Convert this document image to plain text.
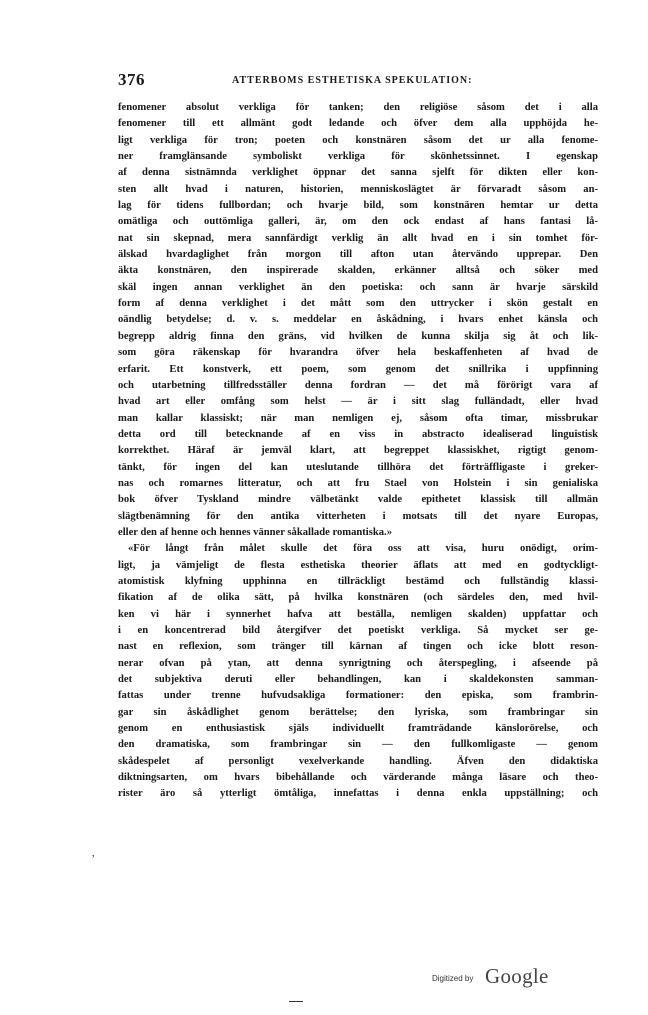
376	ATTERBOMS ESTHETISKA SPEKULATION:
fenomener absolut verkliga för tanken; den religiöse såsom det i alla
fenomener till ett allmänt godt ledande och öfver dem alla upphöjda he-
ligt verkliga för tron; poeten och konstnären såsom det ur alla fenome-
ner framglänsande symboliskt verkliga för skönhetssinnet. I egenskap
af denna sistnämnda verklighet öppnar det sanna sjelft för dikten eller kon-
sten allt hvad i naturen, historien, menniskoslägtet är förvaradt såsom an-
lag för tidens fullbordan; och hvarje bild, som konstnären hemtar ur detta
omätliga och outtömliga galleri, är, om den ock endast af hans fantasi lå-
nat sin skepnad, mera sannfärdigt verklig än allt hvad en i sin tomhet för-
älskad hvardaglighet från morgon till afton utan återvändo upprepar. Den
äkta konstnären, den inspirerade skalden, erkänner alltså och söker med
skäl ingen annan verklighet än den poetiska: och sann är hvarje särskild
form af denna verklighet i det mått som den uttrycker i skön gestalt en
oändlig betydelse; d. v. s. meddelar en åskådning, i hvars enhet känsla och
begrepp aldrig finna den gräns, vid hvilken de kunna skilja sig åt och lik-
som göra räkenskap för hvarandra öfver hela beskaffenheten af hvad de
erfarit. Ett konstverk, ett poem, som genom det snillrika i uppfinning
och utarbetning tillfredsställer denna fordran — det må förörigt vara af
hvad art eller omfång som helst — är i sitt slag fulländadt, eller hvad
man kallar klassiskt; när man nemligen ej, såsom ofta timar, missbrukar
detta ord till betecknande af en viss in abstracto idealiserad linguistisk
korrekthet. Häraf är jemväl klart, att begreppet klassiskhet, rigtigt genom-
tänkt, för ingen del kan uteslutande tillhöra det förträffligaste i greker-
nas och romarnes litteratur, och att fru Stael von Holstein i sin genialiska
bok öfver Tyskland mindre välbetänkt valde epithetet klassisk till allmän
slägtbenämning för den antika vitterheten i motsats till det nyare Europas,
eller den af henne och hennes vänner såkallade romantiska.»
«För långt från målet skulle det föra oss att visa, huru onödigt, orim-
ligt, ja vämjeligt de flesta esthetiska theorier äflats att med en godtyckligt-
atomistisk klyfning upphinna en tillräckligt bestämd och fullständig klassi-
fikation af de olika sätt, på hvilka konstnären (och särdeles den, med hvil-
ken vi här i synnerhet hafva att beställa, nemligen skalden) uppfattar och
i en koncentrerad bild återgifver det poetiskt verkliga. Så mycket ser ge-
nast en reflexion, som tränger till kärnan af tingen och icke blott reson-
nerar ofvan på ytan, att denna synrigtning och återspegling, i afseende på
det subjektiva deruti eller behandlingen, kan i skaldekonsten samman-
fattas under trenne hufvudsakliga formationer: den episka, som frambrin-
gar sin åskådlighet genom berättelse; den lyriska, som frambringar sin
genom en enthusiastisk själs individuellt framträdande känslorörelse, och
den dramatiska, som frambringar sin — den fullkomligaste — genom
skådespelet af personligt vexelverkande handling. Äfven den didaktiska
diktningsarten, om hvars bibehållande och värderande många läsare och theo-
rister äro så ytterligt ömtåliga, innefattas i denna enkla uppställning; och
,
Digitized by Google
